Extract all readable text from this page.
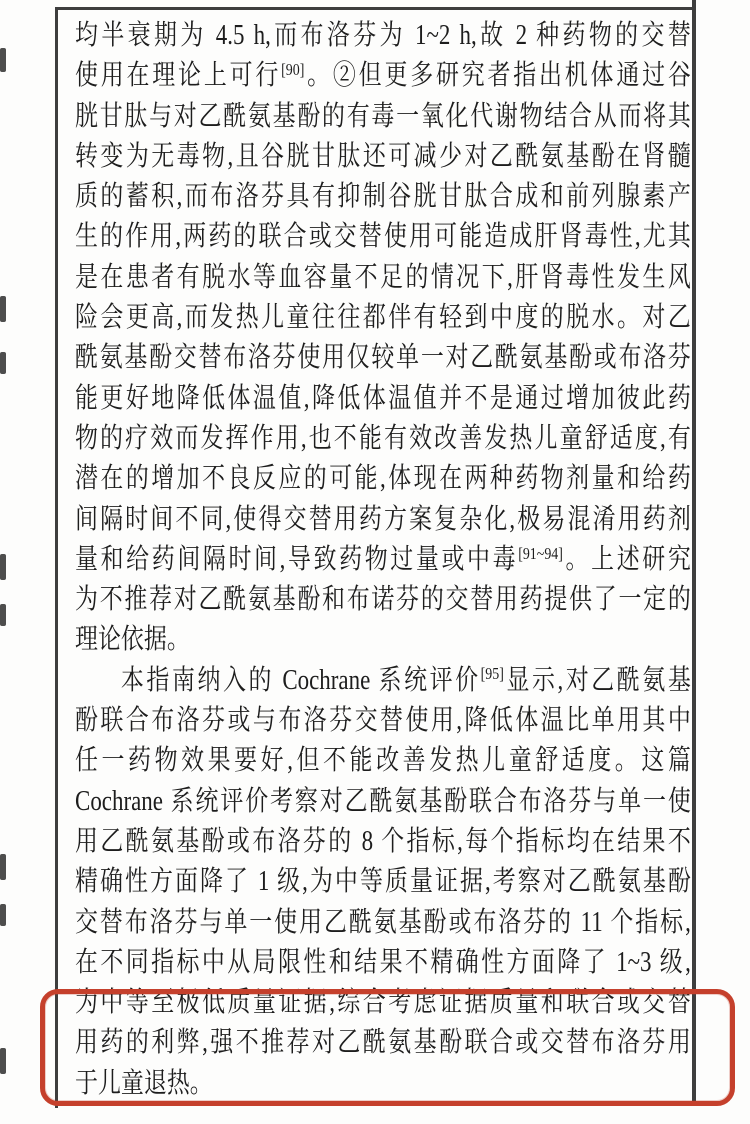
均半衰期为 4.5 h,而布洛芬为 1~2 h,故 2 种药物的交替
使用在理论上可行[90]。②但更多研究者指出机体通过谷
胱甘肽与对乙酰氨基酚的有毒一氧化代谢物结合从而将其
转变为无毒物,且谷胱甘肽还可减少对乙酰氨基酚在肾髓
质的蓄积,而布洛芬具有抑制谷胱甘肽合成和前列腺素产
生的作用,两药的联合或交替使用可能造成肝肾毒性,尤其
是在患者有脱水等血容量不足的情况下,肝肾毒性发生风
险会更高,而发热儿童往往都伴有轻到中度的脱水。对乙
酰氨基酚交替布洛芬使用仅较单一对乙酰氨基酚或布洛芬
能更好地降低体温值,降低体温值并不是通过增加彼此药
物的疗效而发挥作用,也不能有效改善发热儿童舒适度,有
潜在的增加不良反应的可能,体现在两种药物剂量和给药
间隔时间不同,使得交替用药方案复杂化,极易混淆用药剂
量和给药间隔时间,导致药物过量或中毒[91~94]。上述研究
为不推荐对乙酰氨基酚和布诺芬的交替用药提供了一定的
理论依据。
本指南纳入的 Cochrane 系统评价[95]显示,对乙酰氨基
酚联合布洛芬或与布洛芬交替使用,降低体温比单用其中
任一药物效果要好,但不能改善发热儿童舒适度。这篇
Cochrane 系统评价考察对乙酰氨基酚联合布洛芬与单一使
用乙酰氨基酚或布洛芬的 8 个指标,每个指标均在结果不
精确性方面降了 1 级,为中等质量证据,考察对乙酰氨基酚
交替布洛芬与单一使用乙酰氨基酚或布洛芬的 11 个指标,
在不同指标中从局限性和结果不精确性方面降了 1~3 级,
为中等至极低质量证据,综合考虑证据质量和联合或交替
用药的利弊,强不推荐对乙酰氨基酚联合或交替布洛芬用
于儿童退热。
